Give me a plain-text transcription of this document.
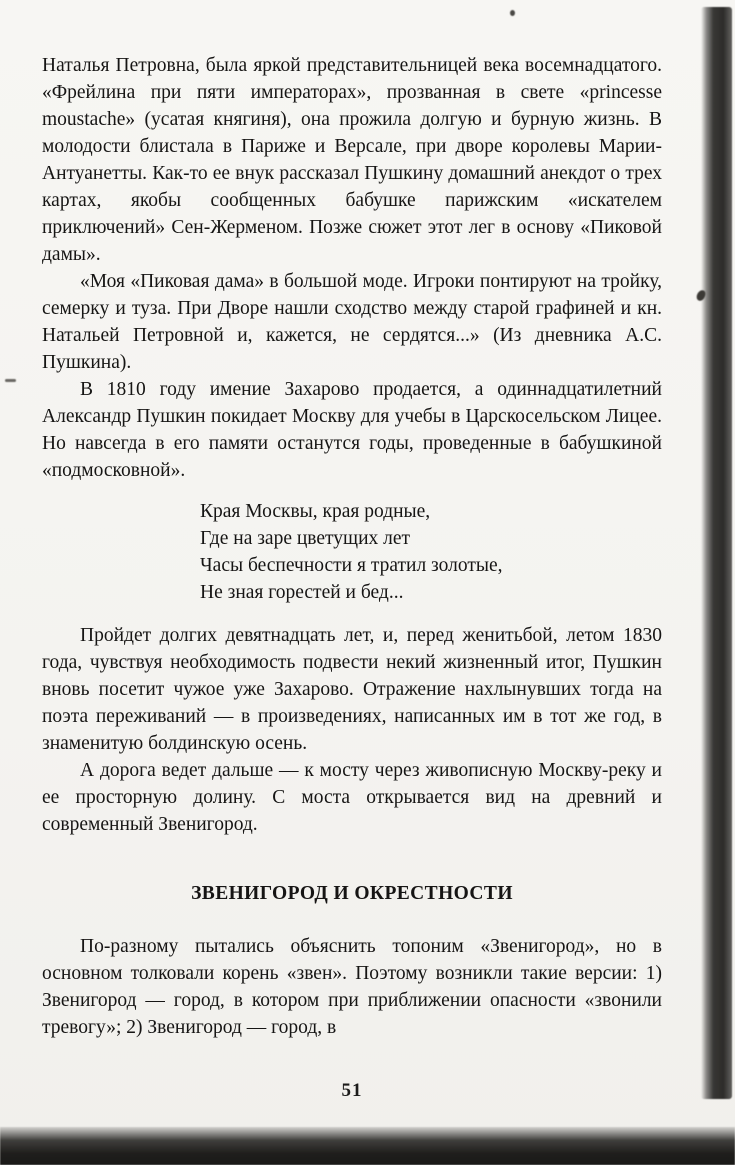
Наталья Петровна, была яркой представительницей века восемнадцатого. «Фрейлина при пяти императорах», прозванная в свете «princesse moustache» (усатая княгиня), она прожила долгую и бурную жизнь. В молодости блистала в Париже и Версале, при дворе королевы Марии-Антуанетты. Как-то ее внук рассказал Пушкину домашний анекдот о трех картах, якобы сообщенных бабушке парижским «искателем приключений» Сен-Жерменом. Позже сюжет этот лег в основу «Пиковой дамы».

«Моя «Пиковая дама» в большой моде. Игроки понтируют на тройку, семерку и туза. При Дворе нашли сходство между старой графиней и кн. Натальей Петровной и, кажется, не сердятся...» (Из дневника А.С. Пушкина).

В 1810 году имение Захарово продается, а одиннадцатилетний Александр Пушкин покидает Москву для учебы в Царскосельском Лицее. Но навсегда в его памяти останутся годы, проведенные в бабушкиной «подмосковной».

Края Москвы, края родные,
Где на заре цветущих лет
Часы беспечности я тратил золотые,
Не зная горестей и бед...

Пройдет долгих девятнадцать лет, и, перед женитьбой, летом 1830 года, чувствуя необходимость подвести некий жизненный итог, Пушкин вновь посетит чужое уже Захарово. Отражение нахлынувших тогда на поэта переживаний — в произведениях, написанных им в тот же год, в знаменитую болдинскую осень.

А дорога ведет дальше — к мосту через живописную Москву-реку и ее просторную долину. С моста открывается вид на древний и современный Звенигород.

ЗВЕНИГОРОД И ОКРЕСТНОСТИ

По-разному пытались объяснить топоним «Звенигород», но в основном толковали корень «звен». Поэтому возникли такие версии: 1) Звенигород — город, в котором при приближении опасности «звонили тревогу»; 2) Звенигород — город, в

51
